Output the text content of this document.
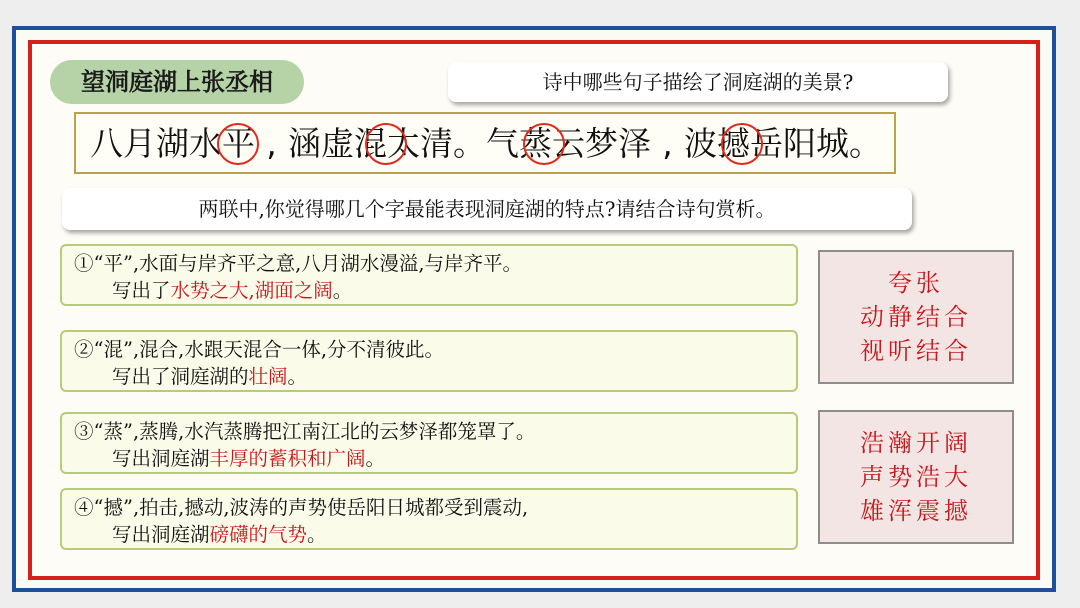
望洞庭湖上张丞相	诗中哪些句子描绘了洞庭湖的美景?
八 月 湖 水 平 , 涵 虚 混 太 清 。 气 蒸 云 梦 泽 , 波 撼 岳 阳 城 。
两联中,你觉得哪几个字最能表现洞庭湖的特点?请结合诗句赏析。
①“平”,水面与岸齐平之意,八月湖水漫溢,与岸齐平。
写出了水势之大,湖面之阔。
②“混”,混合,水跟天混合一体,分不清彼此。
写出了洞庭湖的壮阔。
③“蒸”,蒸腾,水汽蒸腾把江南江北的云梦泽都笼罩了。
写出洞庭湖丰厚的蓄积和广阔。
④“撼”,拍击,撼动,波涛的声势使岳阳日城都受到震动,
写出洞庭湖磅礴的气势。
夸张
动静结合
视听结合
浩瀚开阔
声势浩大
雄浑震撼
